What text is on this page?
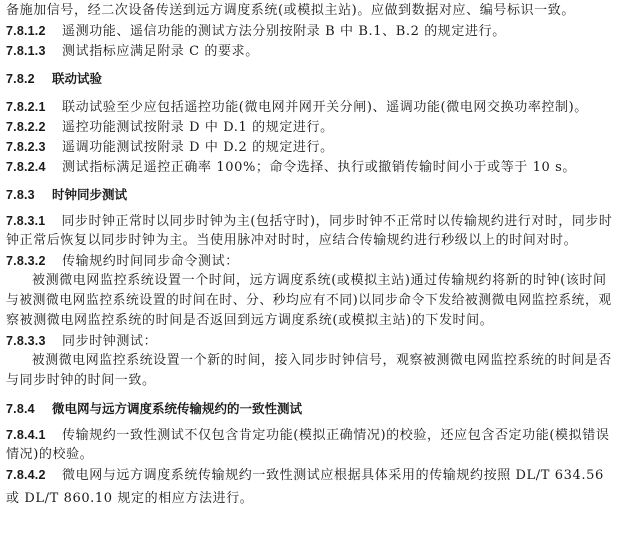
备施加信号，经二次设备传送到远方调度系统(或模拟主站)。应做到数据对应、编号标识一致。
7.8.1.2 遥测功能、遥信功能的测试方法分别按附录 B 中 B.1、B.2 的规定进行。
7.8.1.3 测试指标应满足附录 C 的要求。
7.8.2 联动试验
7.8.2.1 联动试验至少应包括遥控功能(微电网并网开关分闸)、遥调功能(微电网交换功率控制)。
7.8.2.2 遥控功能测试按附录 D 中 D.1 的规定进行。
7.8.2.3 遥调功能测试按附录 D 中 D.2 的规定进行。
7.8.2.4 测试指标满足遥控正确率 100%；命令选择、执行或撤销传输时间小于或等于 10 s。
7.8.3 时钟同步测试
7.8.3.1 同步时钟正常时以同步时钟为主(包括守时)，同步时钟不正常时以传输规约进行对时，同步时
钟正常后恢复以同步时钟为主。当使用脉冲对时时，应结合传输规约进行秒级以上的时间对时。
7.8.3.2 传输规约时间同步命令测试：
被测微电网监控系统设置一个时间，远方调度系统(或模拟主站)通过传输规约将新的时钟(该时间
与被测微电网监控系统设置的时间在时、分、秒均应有不同)以同步命令下发给被测微电网监控系统，观
察被测微电网监控系统的时间是否返回到远方调度系统(或模拟主站)的下发时间。
7.8.3.3 同步时钟测试：
被测微电网监控系统设置一个新的时间，接入同步时钟信号，观察被测微电网监控系统的时间是否
与同步时钟的时间一致。
7.8.4 微电网与远方调度系统传输规约的一致性测试
7.8.4.1 传输规约一致性测试不仅包含肯定功能(模拟正确情况)的校验，还应包含否定功能(模拟错误
情况)的校验。
7.8.4.2 微电网与远方调度系统传输规约一致性测试应根据具体采用的传输规约按照 DL/T 634.56
或 DL/T 860.10 规定的相应方法进行。
